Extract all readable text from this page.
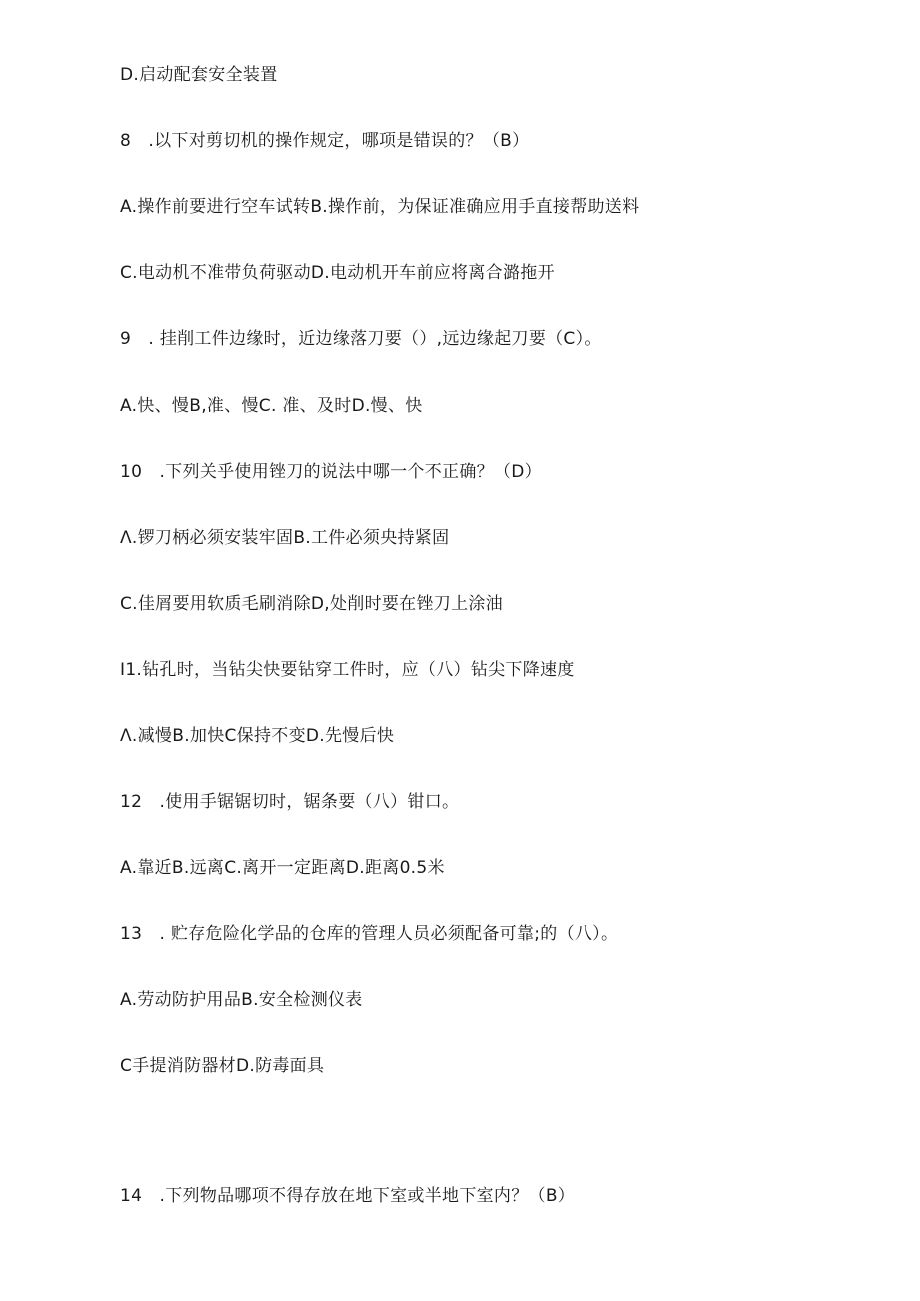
D.启动配套安全装置
8　.以下对剪切机的操作规定，哪项是错误的？（B）
A.操作前要进行空车试转B.操作前，为保证准确应用手直接帮助送料
C.电动机不准带负荷驱动D.电动机开车前应将离合潞拖开
9　. 挂削工件边缘时，近边缘落刀要（）,远边缘起刀要（C）。
A.快、慢B,准、慢C. 准、及时D.慢、快
10　.下列关乎使用锉刀的说法中哪一个不正确？（D）
Λ.锣刀柄必须安装牢固B.工件必须央持紧固
C.佳屑要用软质毛刷消除D,处削时要在锉刀上涂油
I1.钻孔时，当钻尖快要钻穿工件时，应（八）钻尖下降速度
Λ.减慢B.加快C保持不变D.先慢后快
12　.使用手锯锯切时，锯条要（八）钳口。
A.靠近B.远离C.离开一定距离D.距离0.5米
13　. 贮存危险化学品的仓库的管理人员必须配备可靠;的（八）。
A.劳动防护用品B.安全检测仪表
C手提消防器材D.防毒面具
14　.下列物品哪项不得存放在地下室或半地下室内？（B）
